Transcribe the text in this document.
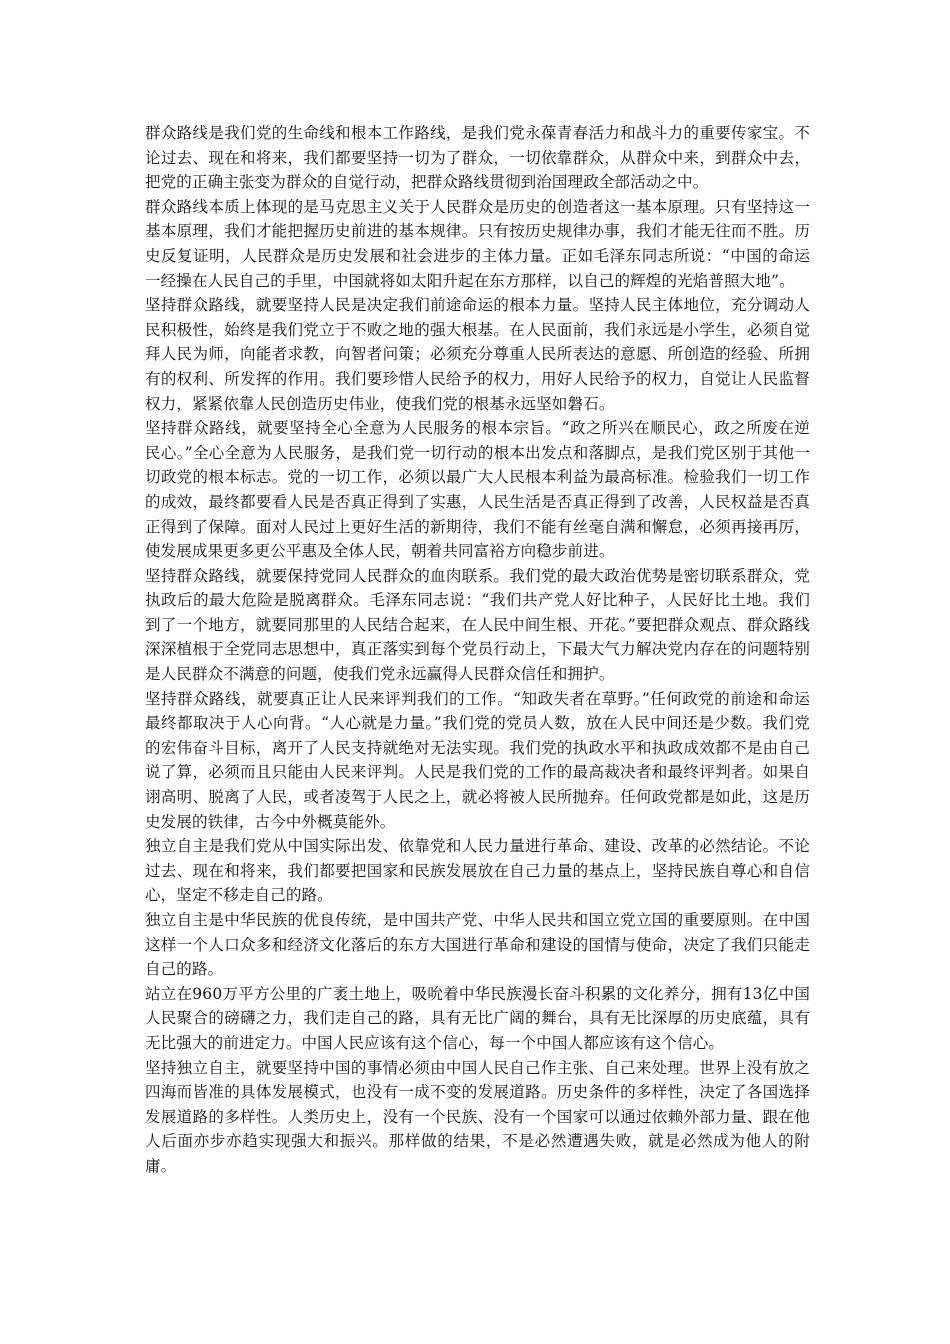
群众路线是我们党的生命线和根本工作路线，是我们党永葆青春活力和战斗力的重要传家宝。不论过去、现在和将来，我们都要坚持一切为了群众，一切依靠群众，从群众中来，到群众中去，把党的正确主张变为群众的自觉行动，把群众路线贯彻到治国理政全部活动之中。

群众路线本质上体现的是马克思主义关于人民群众是历史的创造者这一基本原理。只有坚持这一基本原理，我们才能把握历史前进的基本规律。只有按历史规律办事，我们才能无往而不胜。历史反复证明，人民群众是历史发展和社会进步的主体力量。正如毛泽东同志所说：“中国的命运一经操在人民自己的手里，中国就将如太阳升起在东方那样，以自己的辉煌的光焰普照大地”。

坚持群众路线，就要坚持人民是决定我们前途命运的根本力量。坚持人民主体地位，充分调动人民积极性，始终是我们党立于不败之地的强大根基。在人民面前，我们永远是小学生，必须自觉拜人民为师，向能者求教，向智者问策；必须充分尊重人民所表达的意愿、所创造的经验、所拥有的权利、所发挥的作用。我们要珍惜人民给予的权力，用好人民给予的权力，自觉让人民监督权力，紧紧依靠人民创造历史伟业，使我们党的根基永远坚如磐石。

坚持群众路线，就要坚持全心全意为人民服务的根本宗旨。“政之所兴在顺民心，政之所废在逆民心。”全心全意为人民服务，是我们党一切行动的根本出发点和落脚点，是我们党区别于其他一切政党的根本标志。党的一切工作，必须以最广大人民根本利益为最高标准。检验我们一切工作的成效，最终都要看人民是否真正得到了实惠，人民生活是否真正得到了改善，人民权益是否真正得到了保障。面对人民过上更好生活的新期待，我们不能有丝毫自满和懈怠，必须再接再厉，使发展成果更多更公平惠及全体人民，朝着共同富裕方向稳步前进。

坚持群众路线，就要保持党同人民群众的血肉联系。我们党的最大政治优势是密切联系群众，党执政后的最大危险是脱离群众。毛泽东同志说：“我们共产党人好比种子，人民好比土地。我们到了一个地方，就要同那里的人民结合起来，在人民中间生根、开花。”要把群众观点、群众路线深深植根于全党同志思想中，真正落实到每个党员行动上，下最大气力解决党内存在的问题特别是人民群众不满意的问题，使我们党永远赢得人民群众信任和拥护。

坚持群众路线，就要真正让人民来评判我们的工作。“知政失者在草野。”任何政党的前途和命运最终都取决于人心向背。“人心就是力量。”我们党的党员人数，放在人民中间还是少数。我们党的宏伟奋斗目标，离开了人民支持就绝对无法实现。我们党的执政水平和执政成效都不是由自己说了算，必须而且只能由人民来评判。人民是我们党的工作的最高裁决者和最终评判者。如果自诩高明、脱离了人民，或者凌驾于人民之上，就必将被人民所抛弃。任何政党都是如此，这是历史发展的铁律，古今中外概莫能外。

独立自主是我们党从中国实际出发、依靠党和人民力量进行革命、建设、改革的必然结论。不论过去、现在和将来，我们都要把国家和民族发展放在自己力量的基点上，坚持民族自尊心和自信心，坚定不移走自己的路。

独立自主是中华民族的优良传统，是中国共产党、中华人民共和国立党立国的重要原则。在中国这样一个人口众多和经济文化落后的东方大国进行革命和建设的国情与使命，决定了我们只能走自己的路。

站立在960万平方公里的广袤土地上，吸吮着中华民族漫长奋斗积累的文化养分，拥有13亿中国人民聚合的磅礴之力，我们走自己的路，具有无比广阔的舞台，具有无比深厚的历史底蕴，具有无比强大的前进定力。中国人民应该有这个信心，每一个中国人都应该有这个信心。

坚持独立自主，就要坚持中国的事情必须由中国人民自己作主张、自己来处理。世界上没有放之四海而皆准的具体发展模式，也没有一成不变的发展道路。历史条件的多样性，决定了各国选择发展道路的多样性。人类历史上，没有一个民族、没有一个国家可以通过依赖外部力量、跟在他人后面亦步亦趋实现强大和振兴。那样做的结果，不是必然遭遇失败，就是必然成为他人的附庸。
